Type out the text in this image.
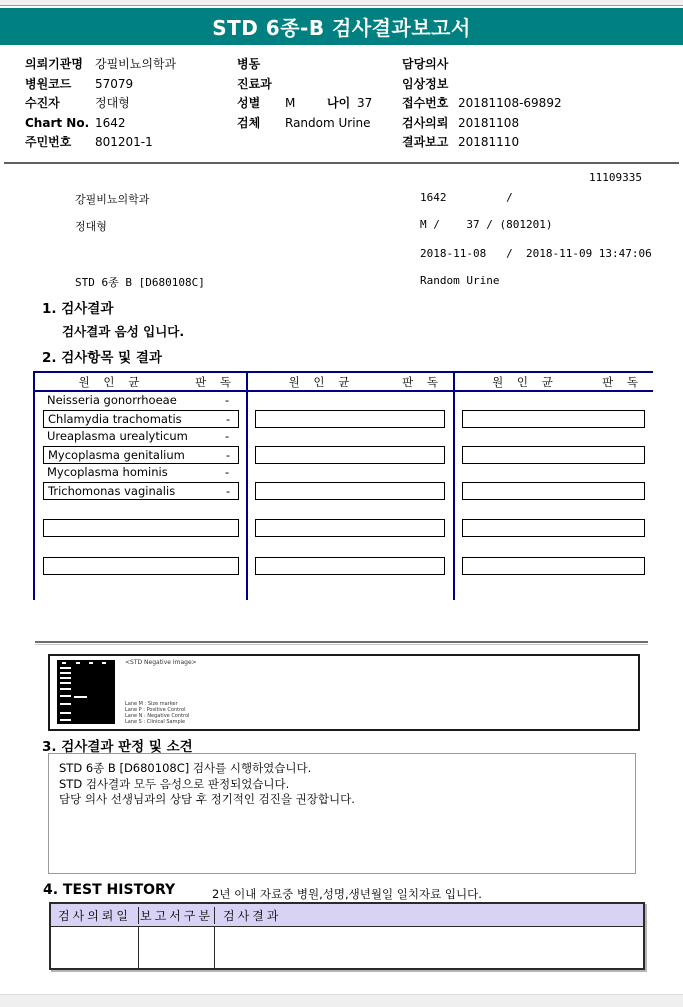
STD 6종-B 검사결과보고서
의뢰기관명 강필비뇨의학과
병원코드 57079
수진자	정대형
Chart No. 1642
주민번호 801201-1
병동
진료과
성별 M	나이 37
검체 Random Urine
담당의사
임상정보
접수번호 20181108-69892
검사의뢰 20181108
결과보고 20181110
11109335
강필비뇨의학과	1642         /
정대형	M /    37 / (801201)
2018-11-08   /  2018-11-09 13:47:06
STD 6종 B [D680108C]	Random Urine
1. 검사결과
검사결과 음성 입니다.
2. 검사항목 및 결과
원 인 균	판 독	원 인 균	판 독	원 인 균	판 독
Neisseria gonorrhoeae	-
Chlamydia trachomatis	-
Ureaplasma urealyticum	-
Mycoplasma genitalium	-
Mycoplasma hominis	-
Trichomonas vaginalis	-
<STD Negative Image>
Lane M : Size marker
Lane P : Positive Control
Lane N : Negative Control
Lane S : Clinical Sample
3. 검사결과 판정 및 소견
STD 6종 B [D680108C] 검사를 시행하였습니다.
STD 검사결과 모두 음성으로 판정되었습니다.
담당 의사 선생님과의 상담 후 정기적인 검진을 권장합니다.
4. TEST HISTORY	2년 이내 자료중 병원,성명,생년월일 일치자료 입니다.
검사의뢰일 보고서구분 검사결과
